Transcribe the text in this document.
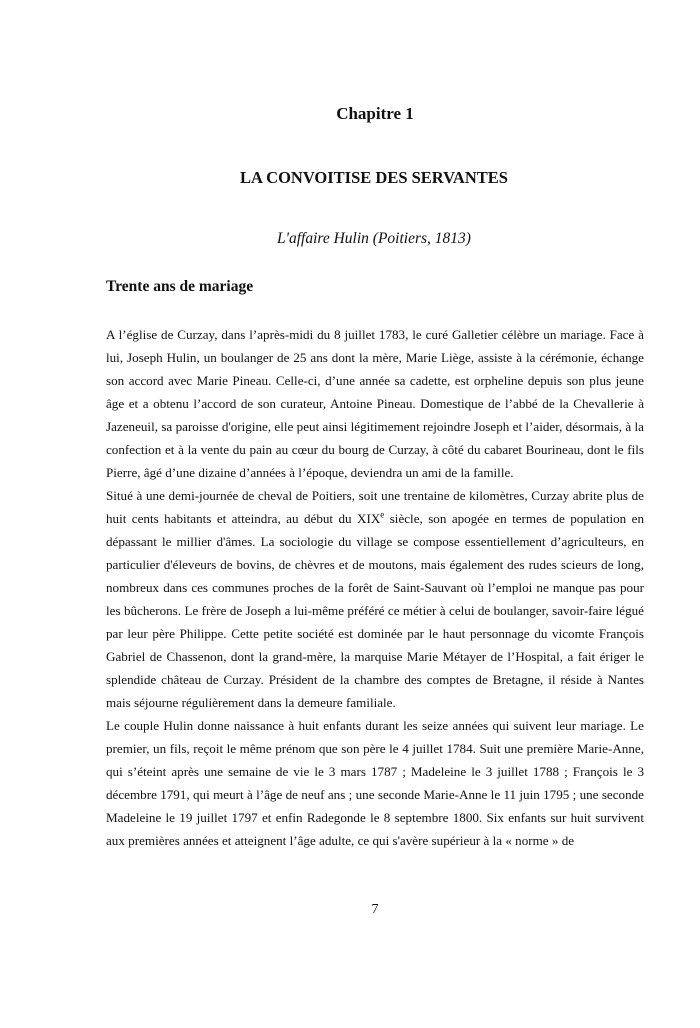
Chapitre 1
LA CONVOITISE DES SERVANTES
L'affaire Hulin (Poitiers, 1813)
Trente ans de mariage

A l’église de Curzay, dans l’après-midi du 8 juillet 1783, le curé Galletier célèbre un mariage. Face à lui, Joseph Hulin, un boulanger de 25 ans dont la mère, Marie Liège, assiste à la cérémonie, échange son accord avec Marie Pineau. Celle-ci, d’une année sa cadette, est orpheline depuis son plus jeune âge et a obtenu l’accord de son curateur, Antoine Pineau. Domestique de l’abbé de la Chevallerie à Jazeneuil, sa paroisse d'origine, elle peut ainsi légitimement rejoindre Joseph et l’aider, désormais, à la confection et à la vente du pain au cœur du bourg de Curzay, à côté du cabaret Bourineau, dont le fils Pierre, âgé d’une dizaine d’années à l’époque, deviendra un ami de la famille.

Situé à une demi-journée de cheval de Poitiers, soit une trentaine de kilomètres, Curzay abrite plus de huit cents habitants et atteindra, au début du XIXe siècle, son apogée en termes de population en dépassant le millier d'âmes. La sociologie du village se compose essentiellement d’agriculteurs, en particulier d'éleveurs de bovins, de chèvres et de moutons, mais également des rudes scieurs de long, nombreux dans ces communes proches de la forêt de Saint-Sauvant où l’emploi ne manque pas pour les bûcherons. Le frère de Joseph a lui-même préféré ce métier à celui de boulanger, savoir-faire légué par leur père Philippe. Cette petite société est dominée par le haut personnage du vicomte François Gabriel de Chassenon, dont la grand-mère, la marquise Marie Métayer de l’Hospital, a fait ériger le splendide château de Curzay. Président de la chambre des comptes de Bretagne, il réside à Nantes mais séjourne régulièrement dans la demeure familiale.

Le couple Hulin donne naissance à huit enfants durant les seize années qui suivent leur mariage. Le premier, un fils, reçoit le même prénom que son père le 4 juillet 1784. Suit une première Marie-Anne, qui s’éteint après une semaine de vie le 3 mars 1787 ; Madeleine le 3 juillet 1788 ; François le 3 décembre 1791, qui meurt à l’âge de neuf ans ; une seconde Marie-Anne le 11 juin 1795 ; une seconde Madeleine le 19 juillet 1797 et enfin Radegonde le 8 septembre 1800. Six enfants sur huit survivent aux premières années et atteignent l’âge adulte, ce qui s'avère supérieur à la « norme » de

7
